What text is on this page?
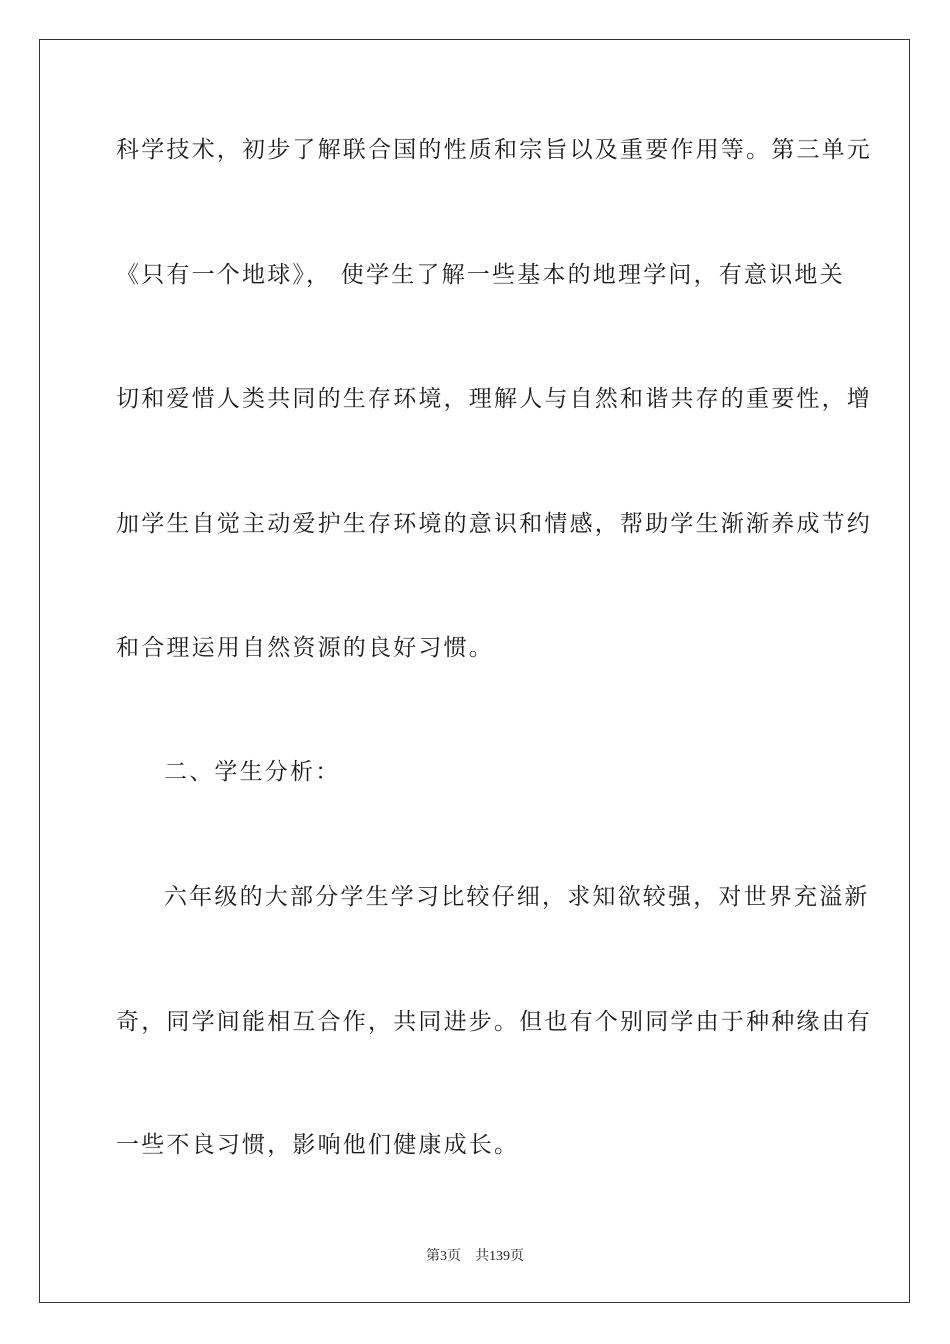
科学技术，初步了解联合国的性质和宗旨以及重要作用等。第三单元
《只有一个地球》， 使学生了解一些基本的地理学问，有意识地关
切和爱惜人类共同的生存环境，理解人与自然和谐共存的重要性，增
加学生自觉主动爱护生存环境的意识和情感，帮助学生渐渐养成节约
和合理运用自然资源的良好习惯。
二、学生分析：
六年级的大部分学生学习比较仔细，求知欲较强，对世界充溢新
奇，同学间能相互合作，共同进步。但也有个别同学由于种种缘由有
一些不良习惯，影响他们健康成长。
第3页 共139页
